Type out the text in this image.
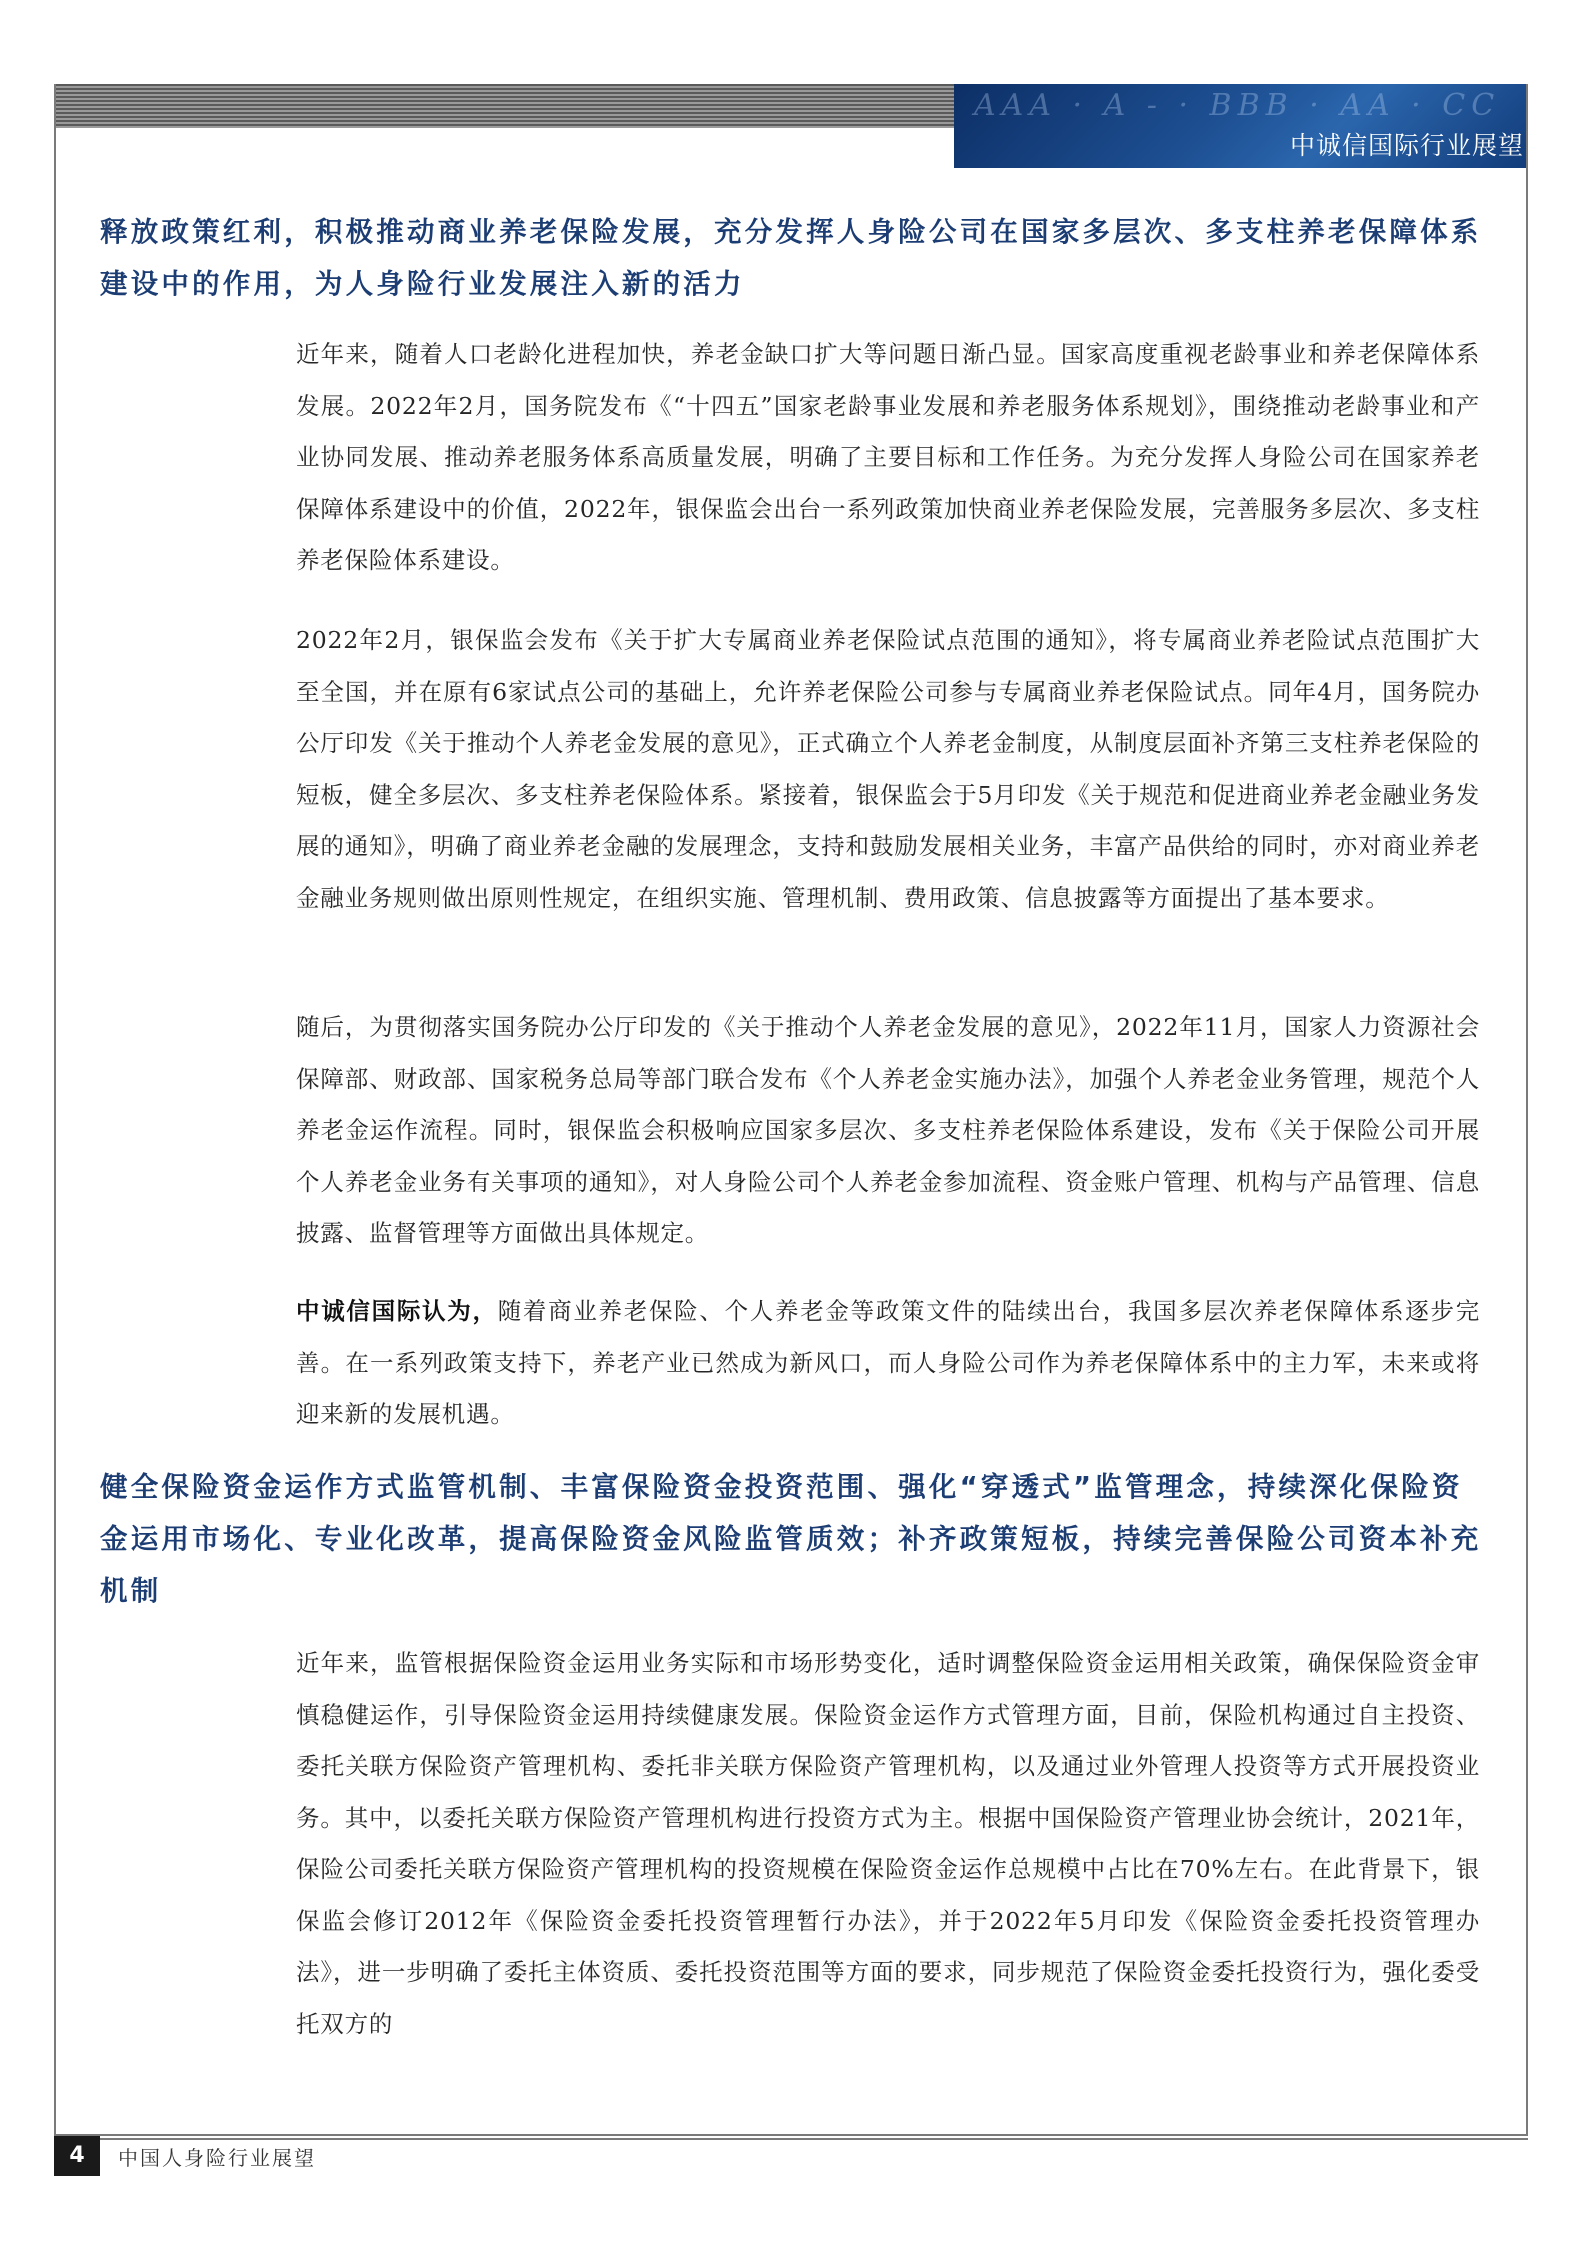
AAA · A - · BBB · AA · CC
中诚信国际行业展望
释放政策红利，积极推动商业养老保险发展，充分发挥人身险公司在国家多层次、多支柱养老保障体系建设中的作用，为人身险行业发展注入新的活力

近年来，随着人口老龄化进程加快，养老金缺口扩大等问题日渐凸显。国家高度重视老龄事业和养老保障体系发展。2022年2月，国务院发布《“十四五”国家老龄事业发展和养老服务体系规划》，围绕推动老龄事业和产业协同发展、推动养老服务体系高质量发展，明确了主要目标和工作任务。为充分发挥人身险公司在国家养老保障体系建设中的价值，2022年，银保监会出台一系列政策加快商业养老保险发展，完善服务多层次、多支柱养老保险体系建设。

2022年2月，银保监会发布《关于扩大专属商业养老保险试点范围的通知》，将专属商业养老险试点范围扩大至全国，并在原有6家试点公司的基础上，允许养老保险公司参与专属商业养老保险试点。同年4月，国务院办公厅印发《关于推动个人养老金发展的意见》，正式确立个人养老金制度，从制度层面补齐第三支柱养老保险的短板，健全多层次、多支柱养老保险体系。紧接着，银保监会于5月印发《关于规范和促进商业养老金融业务发展的通知》，明确了商业养老金融的发展理念，支持和鼓励发展相关业务，丰富产品供给的同时，亦对商业养老金融业务规则做出原则性规定，在组织实施、管理机制、费用政策、信息披露等方面提出了基本要求。

随后，为贯彻落实国务院办公厅印发的《关于推动个人养老金发展的意见》，2022年11月，国家人力资源社会保障部、财政部、国家税务总局等部门联合发布《个人养老金实施办法》，加强个人养老金业务管理，规范个人养老金运作流程。同时，银保监会积极响应国家多层次、多支柱养老保险体系建设，发布《关于保险公司开展个人养老金业务有关事项的通知》，对人身险公司个人养老金参加流程、资金账户管理、机构与产品管理、信息披露、监督管理等方面做出具体规定。

中诚信国际认为，随着商业养老保险、个人养老金等政策文件的陆续出台，我国多层次养老保障体系逐步完善。在一系列政策支持下，养老产业已然成为新风口，而人身险公司作为养老保障体系中的主力军，未来或将迎来新的发展机遇。

健全保险资金运作方式监管机制、丰富保险资金投资范围、强化“穿透式”监管理念，持续深化保险资金运用市场化、专业化改革，提高保险资金风险监管质效；补齐政策短板，持续完善保险公司资本补充机制

近年来，监管根据保险资金运用业务实际和市场形势变化，适时调整保险资金运用相关政策，确保保险资金审慎稳健运作，引导保险资金运用持续健康发展。保险资金运作方式管理方面，目前，保险机构通过自主投资、委托关联方保险资产管理机构、委托非关联方保险资产管理机构，以及通过业外管理人投资等方式开展投资业务。其中，以委托关联方保险资产管理机构进行投资方式为主。根据中国保险资产管理业协会统计，2021年，保险公司委托关联方保险资产管理机构的投资规模在保险资金运作总规模中占比在70%左右。在此背景下，银保监会修订2012年《保险资金委托投资管理暂行办法》，并于2022年5月印发《保险资金委托投资管理办法》，进一步明确了委托主体资质、委托投资范围等方面的要求，同步规范了保险资金委托投资行为，强化委受托双方的

4	中国人身险行业展望
